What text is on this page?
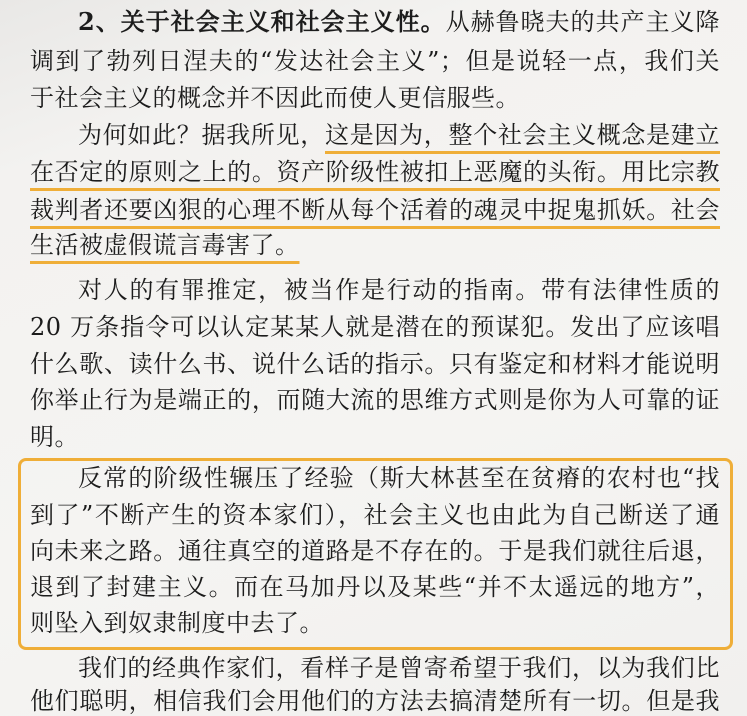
2、关于社会主义和社会主义性。从赫鲁晓夫的共产主义降
调到了勃列日涅夫的“发达社会主义”；但是说轻一点，我们关
于社会主义的概念并不因此而使人更信服些。
为何如此？据我所见，这是因为，整个社会主义概念是建立
在否定的原则之上的。资产阶级性被扣上恶魔的头衔。用比宗教
裁判者还要凶狠的心理不断从每个活着的魂灵中捉鬼抓妖。社会
生活被虚假谎言毒害了。
对人的有罪推定，被当作是行动的指南。带有法律性质的
20 万条指令可以认定某某人就是潜在的预谋犯。发出了应该唱
什么歌、读什么书、说什么话的指示。只有鉴定和材料才能说明
你举止行为是端正的，而随大流的思维方式则是你为人可靠的证
明。
反常的阶级性辗压了经验（斯大林甚至在贫瘠的农村也“找
到了”不断产生的资本家们），社会主义也由此为自己断送了通
向未来之路。通往真空的道路是不存在的。于是我们就往后退，
退到了封建主义。而在马加丹以及某些“并不太遥远的地方”，
则坠入到奴隶制度中去了。
我们的经典作家们，看样子是曾寄希望于我们，以为我们比
他们聪明，相信我们会用他们的方法去搞清楚所有一切。但是我
